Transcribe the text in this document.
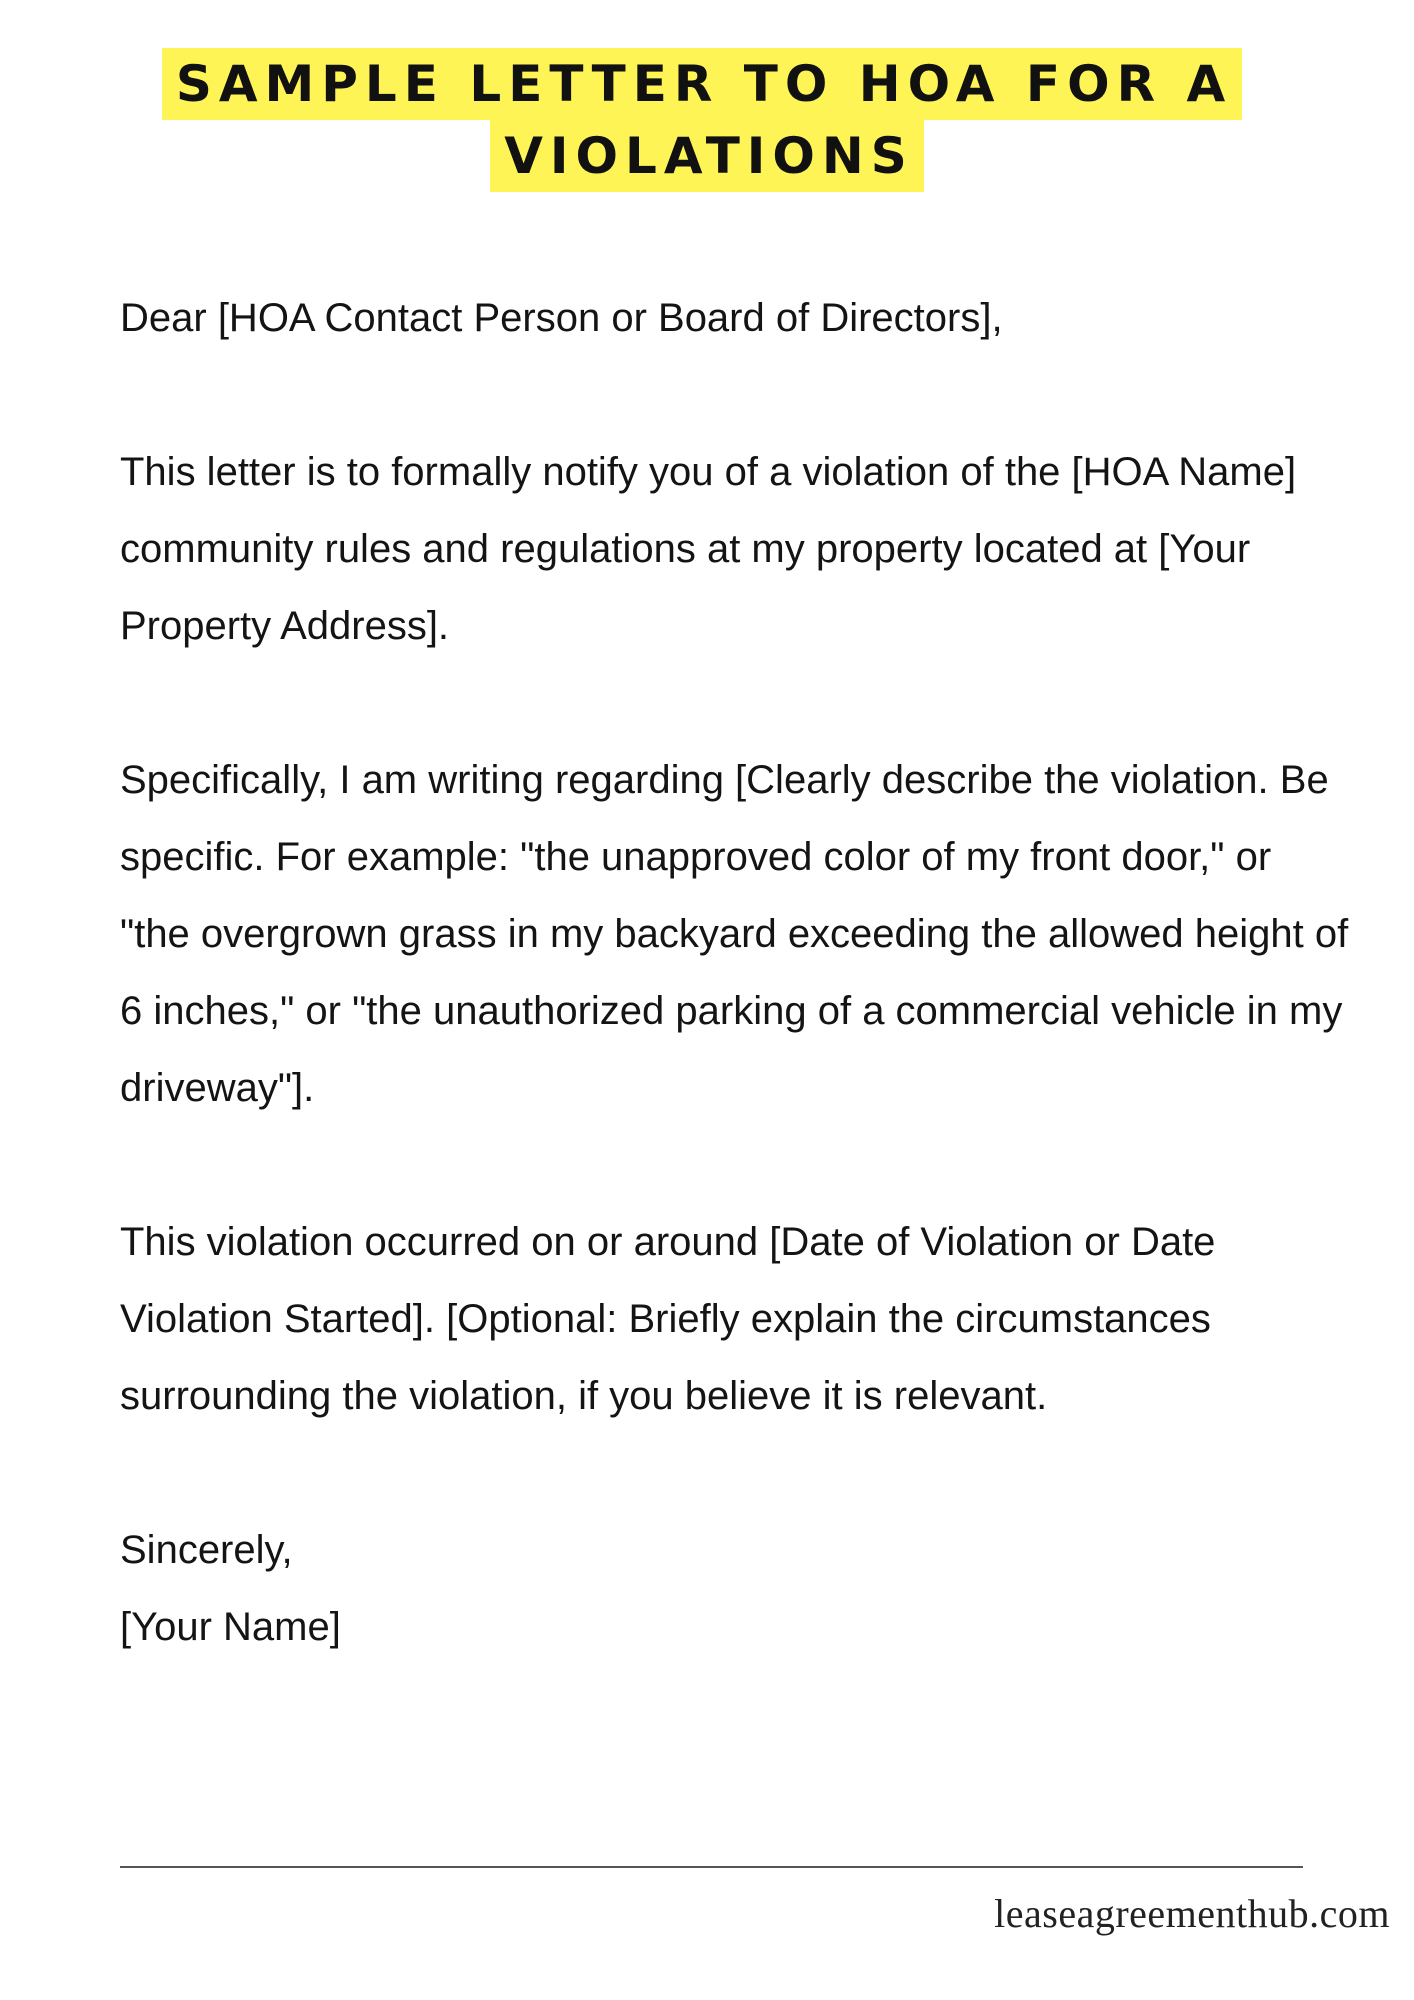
SAMPLE LETTER TO HOA FOR A
VIOLATIONS

Dear [HOA Contact Person or Board of Directors],

This letter is to formally notify you of a violation of the [HOA Name] community rules and regulations at my property located at [Your Property Address].

Specifically, I am writing regarding [Clearly describe the violation. Be specific. For example: "the unapproved color of my front door," or "the overgrown grass in my backyard exceeding the allowed height of 6 inches," or "the unauthorized parking of a commercial vehicle in my driveway"].

This violation occurred on or around [Date of Violation or Date Violation Started]. [Optional: Briefly explain the circumstances surrounding the violation, if you believe it is relevant.

Sincerely,

[Your Name]

leaseagreementhub.com
